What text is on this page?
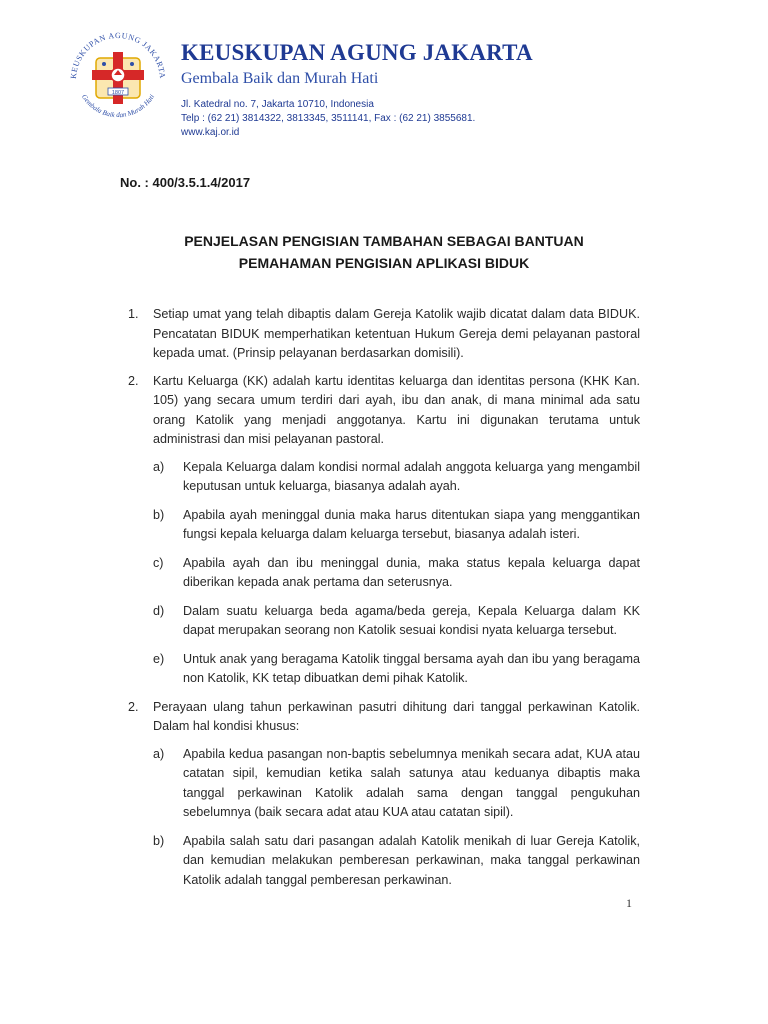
KEUSKUPAN AGUNG JAKARTA
Gembala Baik dan Murah Hati
1807
KEUSKUPAN AGUNG JAKARTA
Gembala Baik dan Murah Hati
Jl. Katedral no. 7, Jakarta 10710, Indonesia
Telp : (62 21) 3814322, 3813345, 3511141, Fax : (62 21) 3855681.
www.kaj.or.id
No. : 400/3.5.1.4/2017
PENJELASAN PENGISIAN TAMBAHAN SEBAGAI BANTUAN
PEMAHAMAN PENGISIAN APLIKASI BIDUK
1.	Setiap umat yang telah dibaptis dalam Gereja Katolik wajib dicatat dalam data BIDUK. Pencatatan BIDUK memperhatikan ketentuan Hukum Gereja demi pelayanan pastoral kepada umat. (Prinsip pelayanan berdasarkan domisili).
2.	Kartu Keluarga (KK) adalah kartu identitas keluarga dan identitas persona (KHK Kan. 105) yang secara umum terdiri dari ayah, ibu dan anak, di mana minimal ada satu orang Katolik yang menjadi anggotanya. Kartu ini digunakan terutama untuk administrasi dan misi pelayanan pastoral.
a)	Kepala Keluarga dalam kondisi normal adalah anggota keluarga yang mengambil keputusan untuk keluarga, biasanya adalah ayah.
b)	Apabila ayah meninggal dunia maka harus ditentukan siapa yang menggantikan fungsi kepala keluarga dalam keluarga tersebut, biasanya adalah isteri.
c)	Apabila ayah dan ibu meninggal dunia, maka status kepala keluarga dapat diberikan kepada anak pertama dan seterusnya.
d)	Dalam suatu keluarga beda agama/beda gereja, Kepala Keluarga dalam KK dapat merupakan seorang non Katolik sesuai kondisi nyata keluarga tersebut.
e)	Untuk anak yang beragama Katolik tinggal bersama ayah dan ibu yang beragama non Katolik, KK tetap dibuatkan demi pihak Katolik.
2.	Perayaan ulang tahun perkawinan pasutri dihitung dari tanggal perkawinan Katolik. Dalam hal kondisi khusus:
a)	Apabila kedua pasangan non-baptis sebelumnya menikah secara adat, KUA atau catatan sipil, kemudian ketika salah satunya atau keduanya dibaptis maka tanggal perkawinan Katolik adalah sama dengan tanggal pengukuhan sebelumnya (baik secara adat atau KUA atau catatan sipil).
b)	Apabila salah satu dari pasangan adalah Katolik menikah di luar Gereja Katolik, dan kemudian melakukan pemberesan perkawinan, maka tanggal perkawinan Katolik adalah tanggal pemberesan perkawinan.
1
